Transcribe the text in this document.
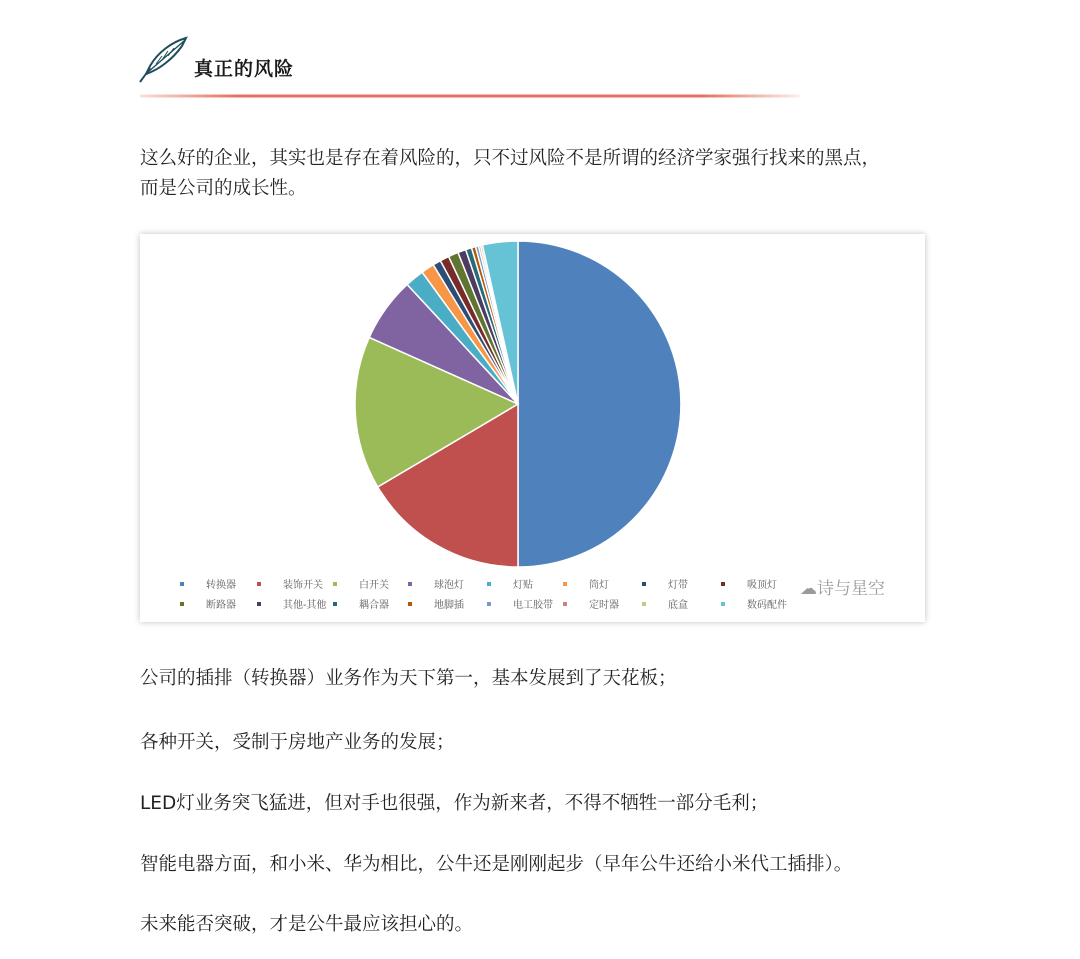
真正的风险

这么好的企业，其实也是存在着风险的，只不过风险不是所谓的经济学家强行找来的黑点，

而是公司的成长性。

转换器	装饰开关	白开关	球泡灯	灯贴	筒灯	灯带	吸顶灯
断路器	其他-其他	耦合器	地脚插	电工胶带	定时器	底盒	数码配件
☁诗与星空

公司的插排（转换器）业务作为天下第一，基本发展到了天花板；

各种开关，受制于房地产业务的发展；

LED灯业务突飞猛进，但对手也很强，作为新来者，不得不牺牲一部分毛利；

智能电器方面，和小米、华为相比，公牛还是刚刚起步（早年公牛还给小米代工插排）。

未来能否突破，才是公牛最应该担心的。
